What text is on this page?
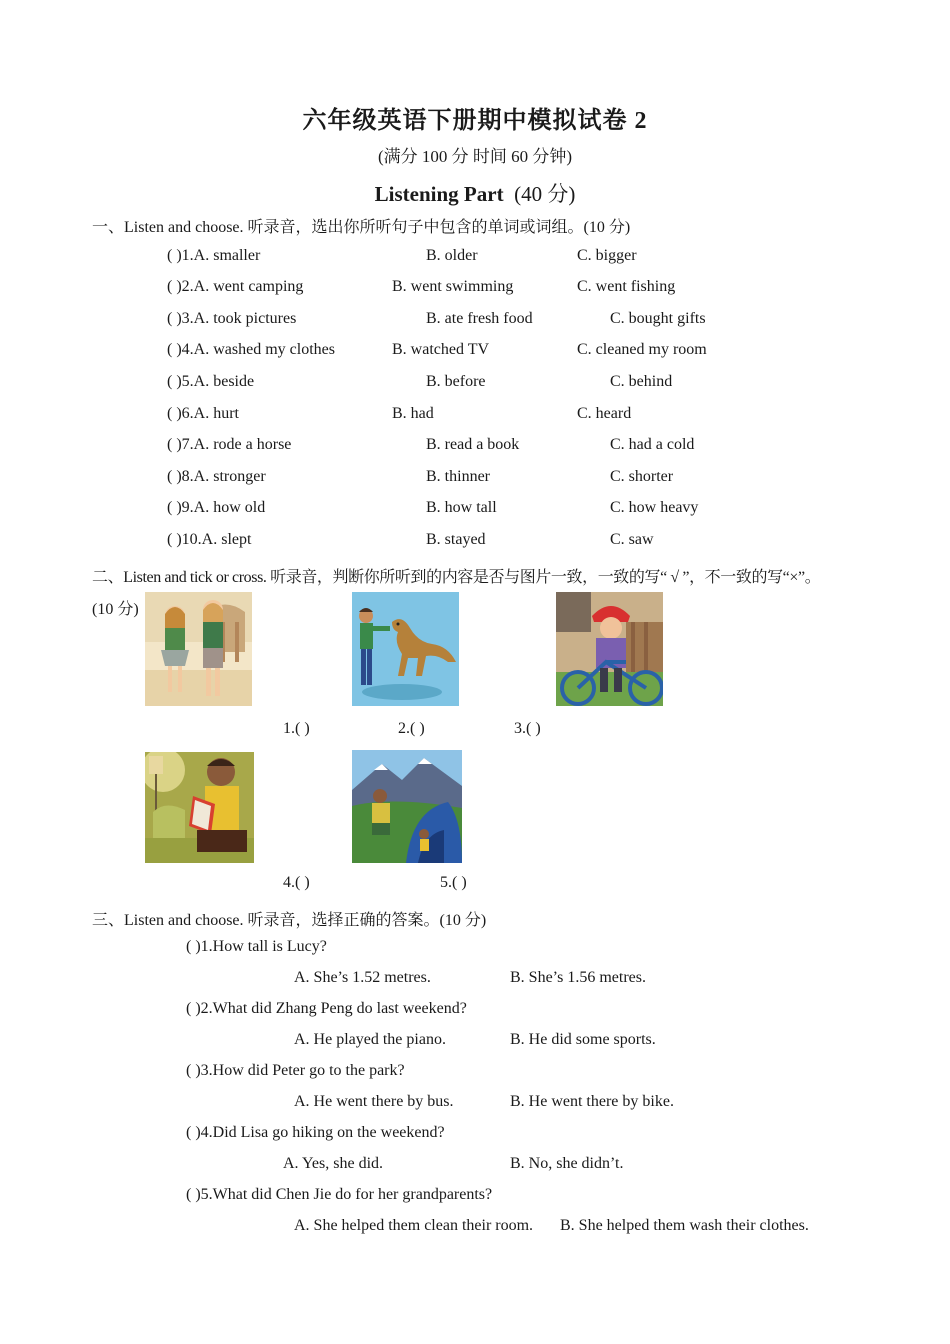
六年级英语下册期中模拟试卷 2
(满分 100 分 时间 60 分钟)
Listening Part (40 分)
一、Listen and choose. 听录音，选出你所听句子中包含的单词或词组。(10 分)
( )1.A. smaller	B. older	C. bigger
( )2.A. went camping	B. went swimming	C. went fishing
( )3.A. took pictures	B. ate fresh food	C. bought gifts
( )4.A. washed my clothes	B. watched TV	C. cleaned my room
( )5.A. beside	B. before	C. behind
( )6.A. hurt	B. had	C. heard
( )7.A. rode a horse	B. read a book	C. had a cold
( )8.A. stronger	B. thinner	C. shorter
( )9.A. how old	B. how tall	C. how heavy
( )10.A. slept	B. stayed	C. saw
二、Listen and tick or cross. 听录音，判断你所听到的内容是否与图片一致，一致的写“ √ ”，不一致的写“×”。
(10 分)
1.( )	2.( )	3.( )
4.( )	5.( )
三、Listen and choose. 听录音，选择正确的答案。(10 分)
( )1.How tall is Lucy?
A. She’s 1.52 metres.	B. She’s 1.56 metres.
( )2.What did Zhang Peng do last weekend?
A. He played the piano.	B. He did some sports.
( )3.How did Peter go to the park?
A. He went there by bus.	B. He went there by bike.
( )4.Did Lisa go hiking on the weekend?
A. Yes, she did.	B. No, she didn’t.
( )5.What did Chen Jie do for her grandparents?
A. She helped them clean their room. B. She helped them wash their clothes.
